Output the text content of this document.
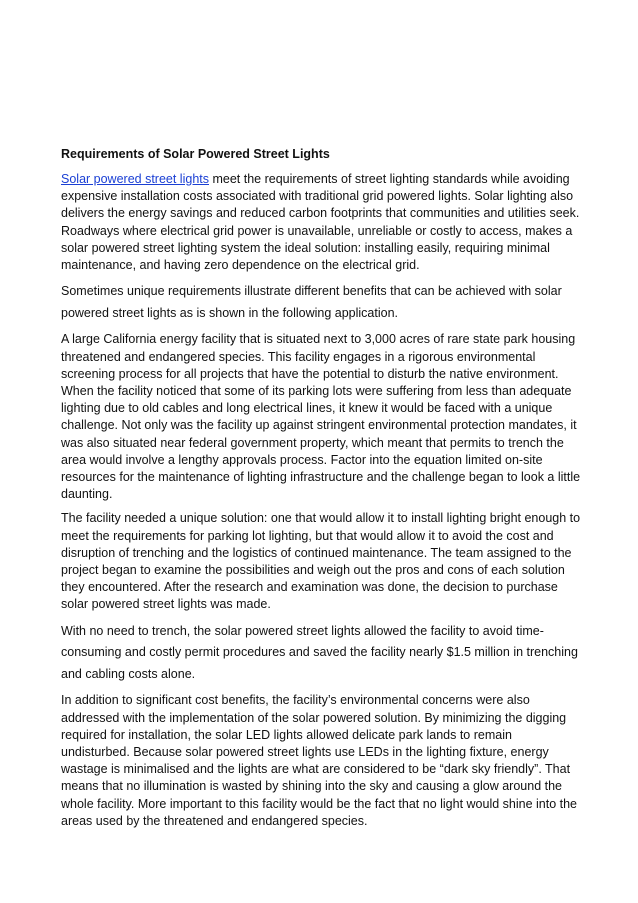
Requirements of Solar Powered Street Lights

Solar powered street lights meet the requirements of street lighting standards while avoiding expensive installation costs associated with traditional grid powered lights. Solar lighting also delivers the energy savings and reduced carbon footprints that communities and utilities seek. Roadways where electrical grid power is unavailable, unreliable or costly to access, makes a solar powered street lighting system the ideal solution: installing easily, requiring minimal maintenance, and having zero dependence on the electrical grid.

Sometimes unique requirements illustrate different benefits that can be achieved with solar powered street lights as is shown in the following application.

A large California energy facility that is situated next to 3,000 acres of rare state park housing threatened and endangered species. This facility engages in a rigorous environmental screening process for all projects that have the potential to disturb the native environment. When the facility noticed that some of its parking lots were suffering from less than adequate lighting due to old cables and long electrical lines, it knew it would be faced with a unique challenge. Not only was the facility up against stringent environmental protection mandates, it was also situated near federal government property, which meant that permits to trench the area would involve a lengthy approvals process. Factor into the equation limited on-site resources for the maintenance of lighting infrastructure and the challenge began to look a little daunting.

The facility needed a unique solution: one that would allow it to install lighting bright enough to meet the requirements for parking lot lighting, but that would allow it to avoid the cost and disruption of trenching and the logistics of continued maintenance. The team assigned to the project began to examine the possibilities and weigh out the pros and cons of each solution they encountered. After the research and examination was done, the decision to purchase solar powered street lights was made.

With no need to trench, the solar powered street lights allowed the facility to avoid time-consuming and costly permit procedures and saved the facility nearly $1.5 million in trenching and cabling costs alone.

In addition to significant cost benefits, the facility’s environmental concerns were also addressed with the implementation of the solar powered solution. By minimizing the digging required for installation, the solar LED lights allowed delicate park lands to remain undisturbed. Because solar powered street lights use LEDs in the lighting fixture, energy wastage is minimalised and the lights are what are considered to be “dark sky friendly”. That means that no illumination is wasted by shining into the sky and causing a glow around the whole facility. More important to this facility would be the fact that no light would shine into the areas used by the threatened and endangered species.
